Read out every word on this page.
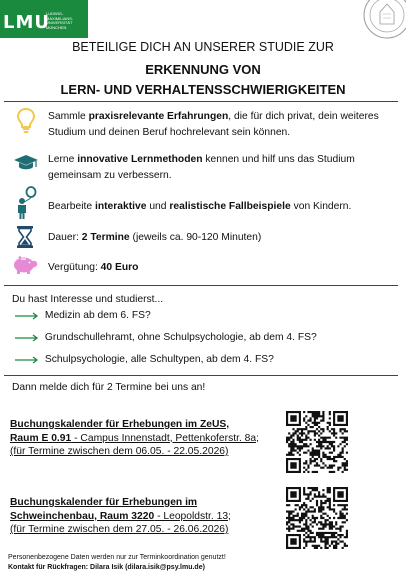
LMU
LUDWIG-
MAXIMILIANS-
UNIVERSITÄT
MÜNCHEN
BETEILIGE DICH AN UNSERER STUDIE ZUR
ERKENNUNG VON
LERN- UND VERHALTENSSCHWIERIGKEITEN
Sammle praxisrelevante Erfahrungen, die für dich privat, dein weiteres Studium und deinen Beruf hochrelevant sein können.
Lerne innovative Lernmethoden kennen und hilf uns das Studium gemeinsam zu verbessern.
Bearbeite interaktive und realistische Fallbeispiele von Kindern.
Dauer: 2 Termine (jeweils ca. 90-120 Minuten)
Vergütung: 40 Euro
Du hast Interesse und studierst...
Medizin ab dem 6. FS?
Grundschullehramt, ohne Schulpsychologie, ab dem 4. FS?
Schulpsychologie, alle Schultypen, ab dem 4. FS?
Dann melde dich für 2 Termine bei uns an!
Buchungskalender für Erhebungen im ZeUS,
Raum E 0.91 - Campus Innenstadt, Pettenkoferstr. 8a;
(für Termine zwischen dem 06.05. - 22.05.2026)
Buchungskalender für Erhebungen im
Schweinchenbau, Raum 3220 - Leopoldstr. 13;
(für Termine zwischen dem 27.05. - 26.06.2026)
Personenbezogene Daten werden nur zur Terminkoordination genutzt!
Kontakt für Rückfragen: Dilara Isik (dilara.isik@psy.lmu.de)
